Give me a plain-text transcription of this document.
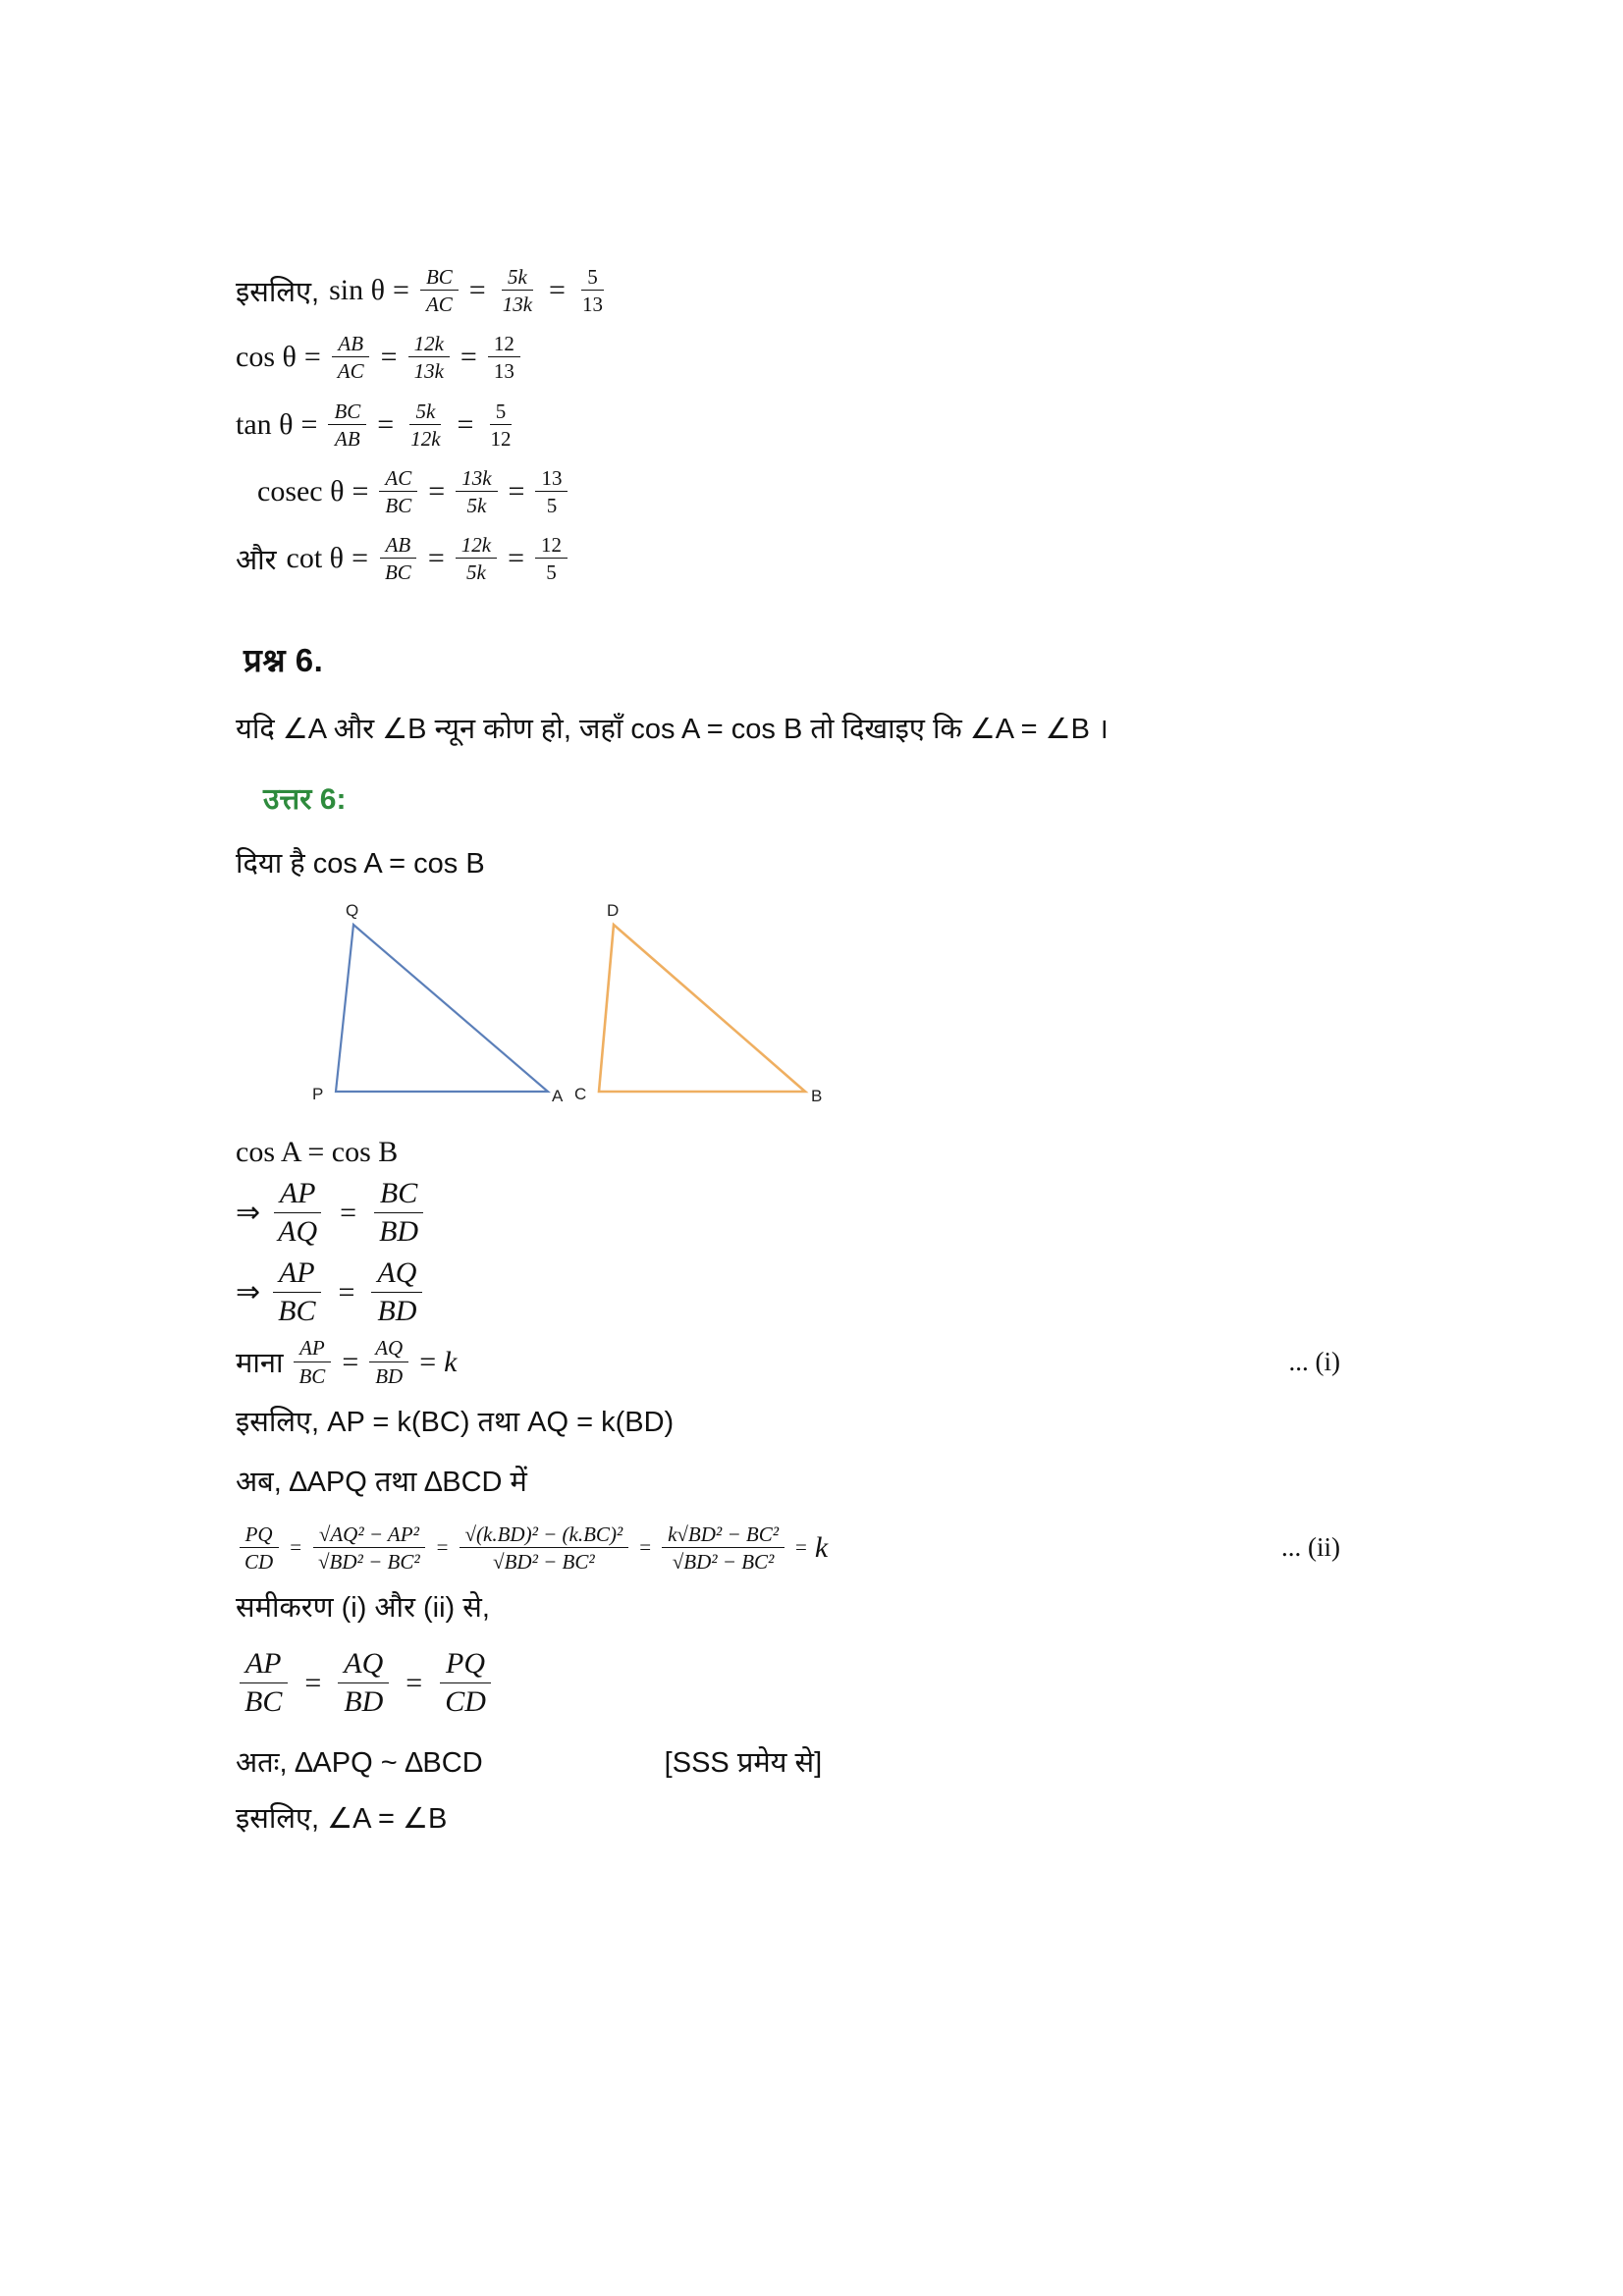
इसलिए, $\sin \theta = \frac{BC}{AC} = \frac{5k}{13k} = \frac{5}{13}$
$\cos \theta = \frac{AB}{AC} = \frac{12k}{13k} = \frac{12}{13}$
$\tan \theta = \frac{BC}{AB} = \frac{5k}{12k} = \frac{5}{12}$
cosec $\theta = \frac{AC}{BC} = \frac{13k}{5k} = \frac{13}{5}$
और $\cot \theta = \frac{AB}{BC} = \frac{12k}{5k} = \frac{12}{5}$
प्रश्न 6.
यदि ∠A और ∠B न्यून कोण हो, जहाँ cos A = cos B तो दिखाइए कि ∠A = ∠B ।
उत्तर 6:
दिया है cos A = cos B
Q
P	A
D
C	B
cos A = cos B
⇒ $\frac{AP}{AQ} = \frac{BC}{BD}$
⇒ $\frac{AP}{BC} = \frac{AQ}{BD}$
माना $\frac{AP}{BC} = \frac{AQ}{BD} = k$	... (i)
इसलिए, AP = k(BC) तथा AQ = k(BD)
अब, ∆APQ तथा ∆BCD में
$\frac{PQ}{CD} = \frac{\text{√AQ² − AP²}}{\text{√BD² − BC²}} = \frac{\text{√(k.BD)² − (k.BC)²}}{\text{√BD² − BC²}} = \frac{\text{k√BD² − BC²}}{\text{√BD² − BC²}} = k$	... (ii)
समीकरण (i) और (ii) से,
$\frac{AP}{BC} = \frac{AQ}{BD} = \frac{PQ}{CD}$
अतः, ∆APQ ~ ∆BCD	[SSS प्रमेय से]
इसलिए, ∠A = ∠B
